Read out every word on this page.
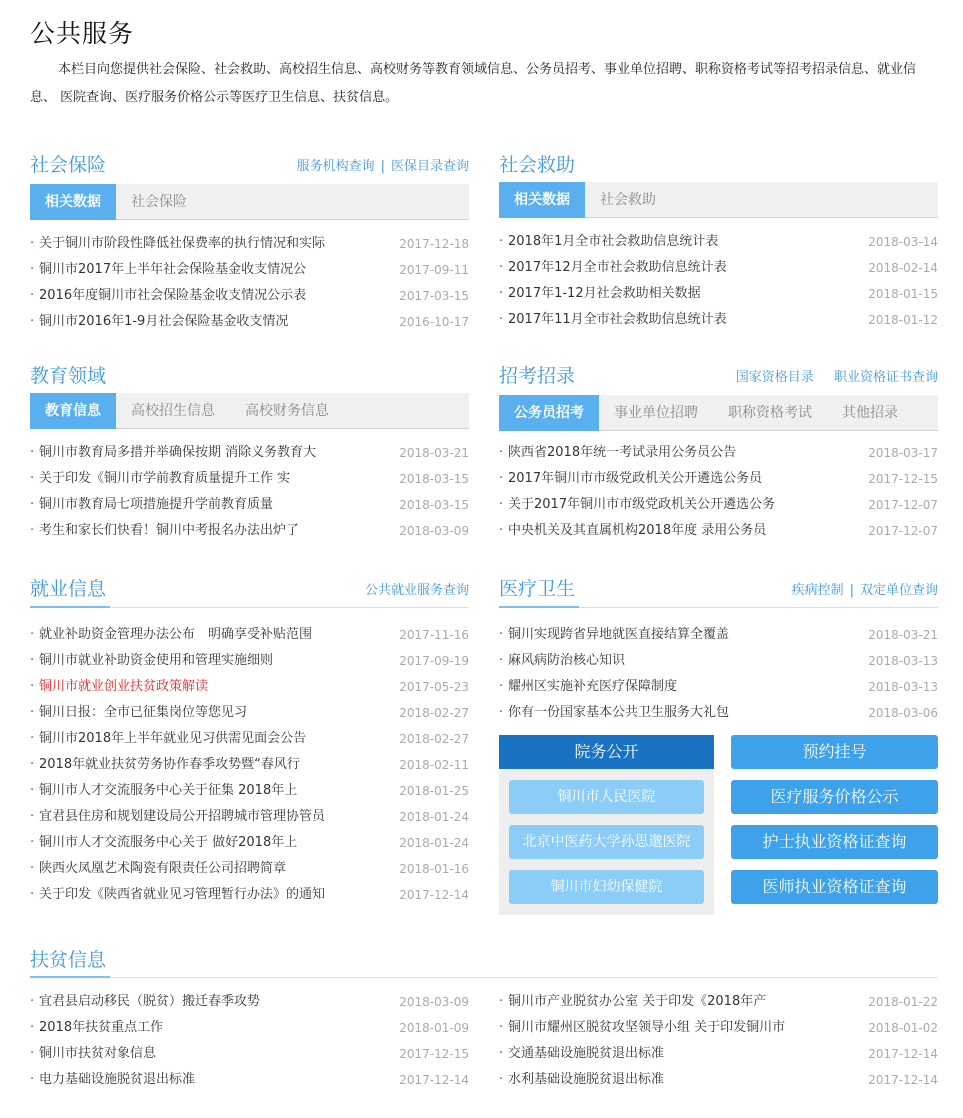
公共服务
本栏目向您提供社会保险、社会救助、高校招生信息、高校财务等教育领域信息、公务员招考、事业单位招聘、职称资格考试等招考招录信息、就业信息、 医院查询、医疗服务价格公示等医疗卫生信息、扶贫信息。
社会保险	服务机构查询 | 医保目录查询
相关数据	社会保险
· 关于铜川市阶段性降低社保费率的执行情况和实际	2017-12-18
· 铜川市2017年上半年社会保险基金收支情况公	2017-09-11
· 2016年度铜川市社会保险基金收支情况公示表	2017-03-15
· 铜川市2016年1-9月社会保险基金收支情况	2016-10-17
社会救助
相关数据	社会救助
· 2018年1月全市社会救助信息统计表	2018-03-14
· 2017年12月全市社会救助信息统计表	2018-02-14
· 2017年1-12月社会救助相关数据	2018-01-15
· 2017年11月全市社会救助信息统计表	2018-01-12
教育领域
教育信息	高校招生信息	高校财务信息
· 铜川市教育局多措并举确保按期 消除义务教育大	2018-03-21
· 关于印发《铜川市学前教育质量提升工作 实	2018-03-15
· 铜川市教育局七项措施提升学前教育质量	2018-03-15
· 考生和家长们快看！铜川中考报名办法出炉了	2018-03-09
招考招录	国家资格目录 职业资格证书查询
公务员招考	事业单位招聘	职称资格考试	其他招录
· 陕西省2018年统一考试录用公务员公告	2018-03-17
· 2017年铜川市市级党政机关公开遴选公务员	2017-12-15
· 关于2017年铜川市市级党政机关公开遴选公务	2017-12-07
· 中央机关及其直属机构2018年度 录用公务员	2017-12-07
就业信息	公共就业服务查询
· 就业补助资金管理办法公布　明确享受补贴范围	2017-11-16
· 铜川市就业补助资金使用和管理实施细则	2017-09-19
· 铜川市就业创业扶贫政策解读	2017-05-23
· 铜川日报：全市已征集岗位等您见习	2018-02-27
· 铜川市2018年上半年就业见习供需见面会公告	2018-02-27
· 2018年就业扶贫劳务协作春季攻势暨“春风行	2018-02-11
· 铜川市人才交流服务中心关于征集 2018年上	2018-01-25
· 宜君县住房和规划建设局公开招聘城市管理协管员	2018-01-24
· 铜川市人才交流服务中心关于 做好2018年上	2018-01-24
· 陕西火凤凰艺术陶瓷有限责任公司招聘简章	2018-01-16
· 关于印发《陕西省就业见习管理暂行办法》的通知	2017-12-14
医疗卫生	疾病控制 | 双定单位查询
· 铜川实现跨省异地就医直接结算全覆盖	2018-03-21
· 麻风病防治核心知识	2018-03-13
· 耀州区实施补充医疗保障制度	2018-03-13
· 你有一份国家基本公共卫生服务大礼包	2018-03-06
院务公开
铜川市人民医院
北京中医药大学孙思邈医院
铜川市妇幼保健院
预约挂号
医疗服务价格公示
护士执业资格证查询
医师执业资格证查询
扶贫信息
· 宜君县启动移民（脱贫）搬迁春季攻势	2018-03-09
· 2018年扶贫重点工作	2018-01-09
· 铜川市扶贫对象信息	2017-12-15
· 电力基础设施脱贫退出标准	2017-12-14
· 铜川市产业脱贫办公室 关于印发《2018年产	2018-01-22
· 铜川市耀州区脱贫攻坚领导小组 关于印发铜川市	2018-01-02
· 交通基础设施脱贫退出标准	2017-12-14
· 水利基础设施脱贫退出标准	2017-12-14
